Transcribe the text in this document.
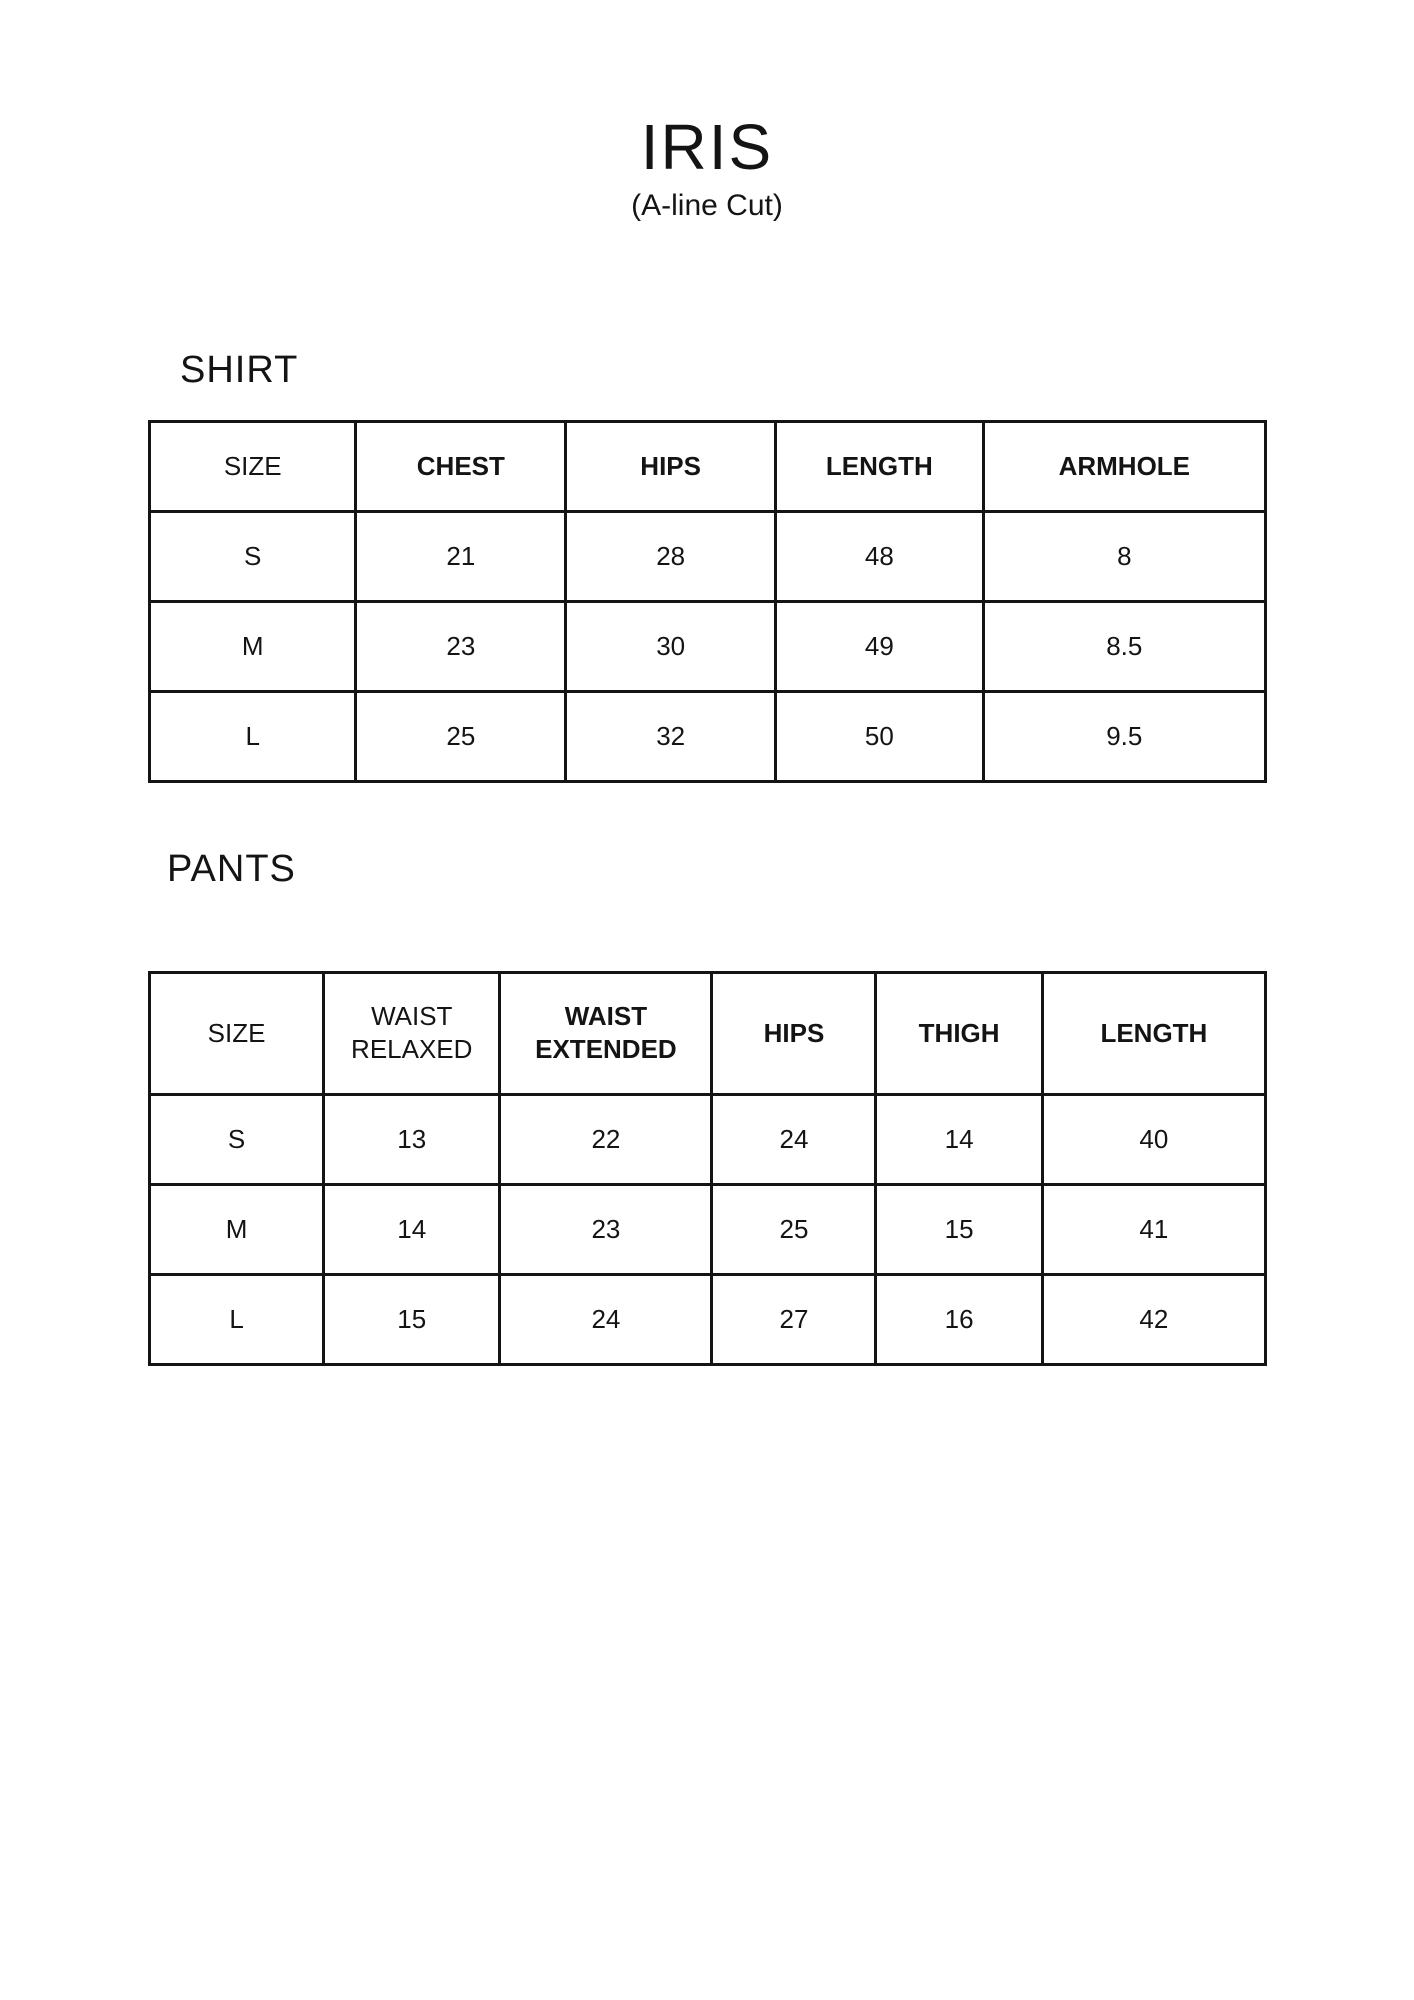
IRIS

(A-line Cut)

SHIRT
SIZE	CHEST	HIPS	LENGTH	ARMHOLE
S	21	28	48	8
M	23	30	49	8.5
L	25	32	50	9.5
PANTS
SIZE	WAIST RELAXED	WAIST EXTENDED	HIPS	THIGH	LENGTH
S	13	22	24	14	40
M	14	23	25	15	41
L	15	24	27	16	42
